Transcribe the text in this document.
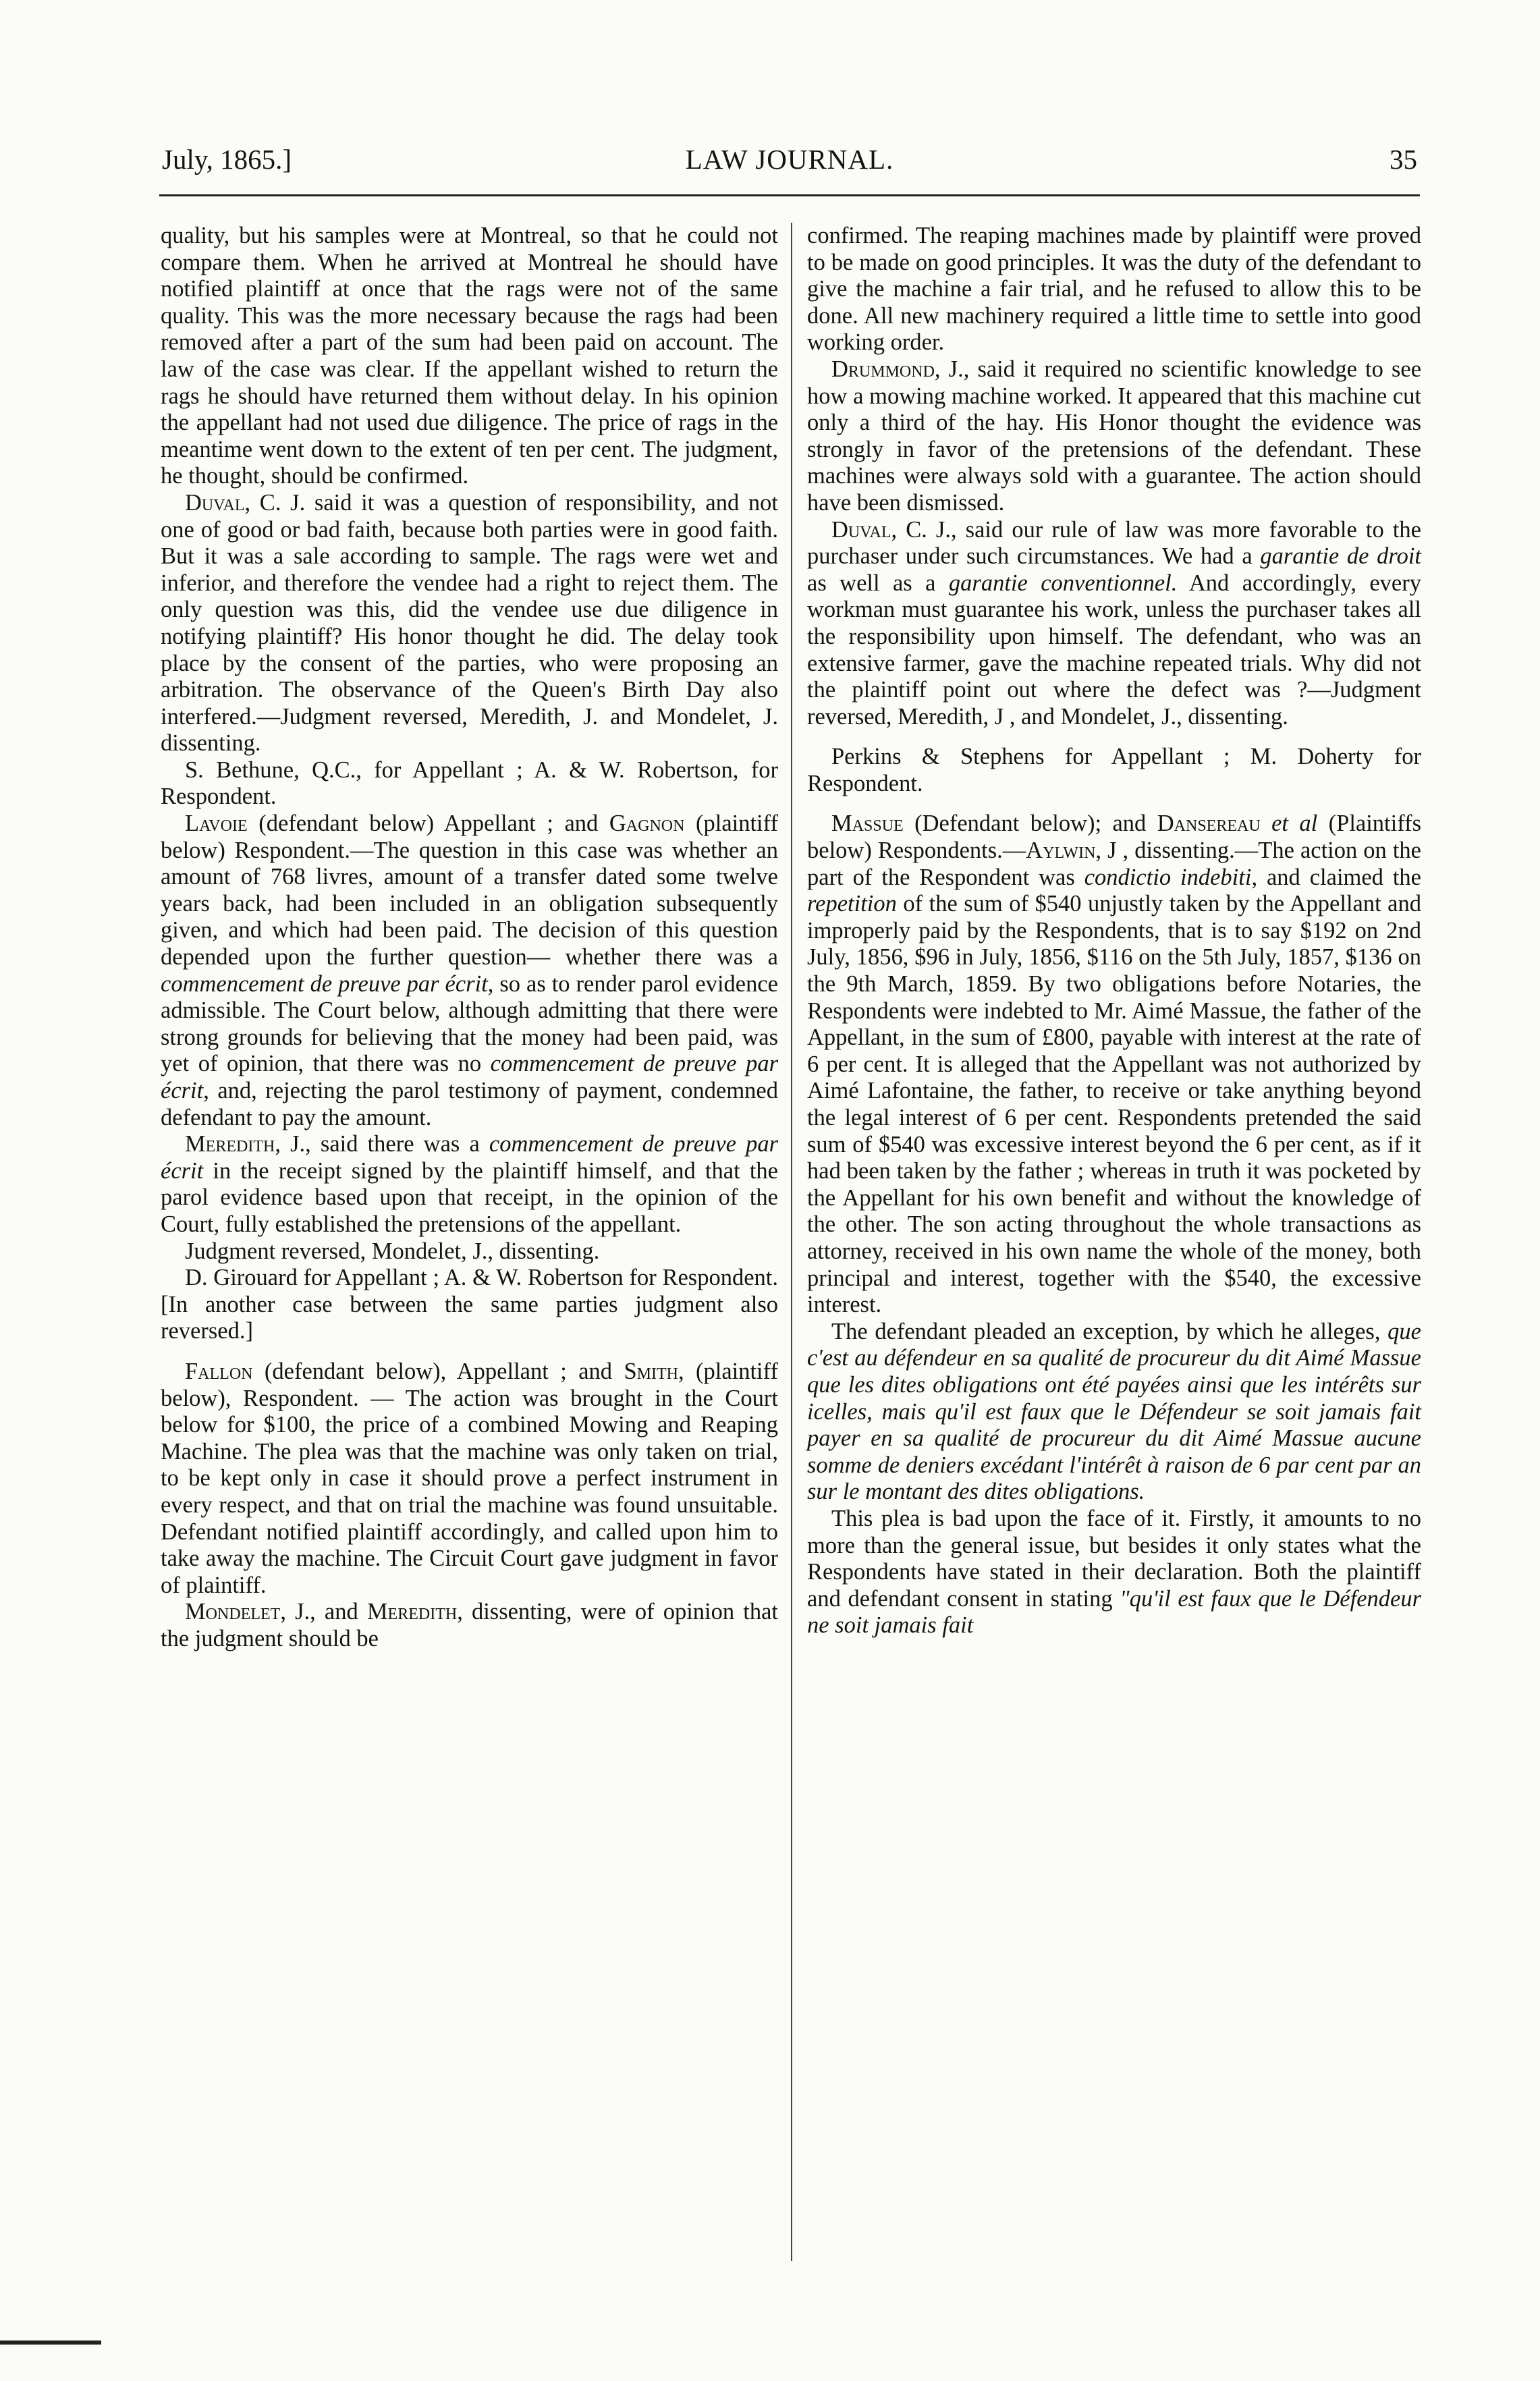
July, 1865.]	LAW JOURNAL.	35

quality, but his samples were at Montreal, so that he could not compare them. When he arrived at Montreal he should have notified plaintiff at once that the rags were not of the same quality. This was the more necessary because the rags had been removed after a part of the sum had been paid on account. The law of the case was clear. If the appellant wished to return the rags he should have returned them without delay. In his opinion the appellant had not used due diligence. The price of rags in the meantime went down to the extent of ten per cent. The judgment, he thought, should be confirmed.

Duval, C. J. said it was a question of responsibility, and not one of good or bad faith, because both parties were in good faith. But it was a sale according to sample. The rags were wet and inferior, and therefore the vendee had a right to reject them. The only question was this, did the vendee use due diligence in notifying plaintiff? His honor thought he did. The delay took place by the consent of the parties, who were proposing an arbitration. The observance of the Queen's Birth Day also interfered.—Judgment reversed, Meredith, J. and Mondelet, J. dissenting.

S. Bethune, Q.C., for Appellant ; A. & W. Robertson, for Respondent.

Lavoie (defendant below) Appellant ; and Gagnon (plaintiff below) Respondent.—The question in this case was whether an amount of 768 livres, amount of a transfer dated some twelve years back, had been included in an obligation subsequently given, and which had been paid. The decision of this question depended upon the further question— whether there was a commencement de preuve par écrit, so as to render parol evidence admissible. The Court below, although admitting that there were strong grounds for believing that the money had been paid, was yet of opinion, that there was no commencement de preuve par écrit, and, rejecting the parol testimony of payment, condemned defendant to pay the amount.

Meredith, J., said there was a commencement de preuve par écrit in the receipt signed by the plaintiff himself, and that the parol evidence based upon that receipt, in the opinion of the Court, fully established the pretensions of the appellant.

Judgment reversed, Mondelet, J., dissenting.

D. Girouard for Appellant ; A. & W. Robertson for Respondent. [In another case between the same parties judgment also reversed.]

Fallon (defendant below), Appellant ; and Smith, (plaintiff below), Respondent. — The action was brought in the Court below for $100, the price of a combined Mowing and Reaping Machine. The plea was that the machine was only taken on trial, to be kept only in case it should prove a perfect instrument in every respect, and that on trial the machine was found unsuitable. Defendant notified plaintiff accordingly, and called upon him to take away the machine. The Circuit Court gave judgment in favor of plaintiff.

Mondelet, J., and Meredith, dissenting, were of opinion that the judgment should be

confirmed. The reaping machines made by plaintiff were proved to be made on good principles. It was the duty of the defendant to give the machine a fair trial, and he refused to allow this to be done. All new machinery required a little time to settle into good working order.

Drummond, J., said it required no scientific knowledge to see how a mowing machine worked. It appeared that this machine cut only a third of the hay. His Honor thought the evidence was strongly in favor of the pretensions of the defendant. These machines were always sold with a guarantee. The action should have been dismissed.

Duval, C. J., said our rule of law was more favorable to the purchaser under such circumstances. We had a garantie de droit as well as a garantie conventionnel. And accordingly, every workman must guarantee his work, unless the purchaser takes all the responsibility upon himself. The defendant, who was an extensive farmer, gave the machine repeated trials. Why did not the plaintiff point out where the defect was ?—Judgment reversed, Meredith, J , and Mondelet, J., dissenting.

Perkins & Stephens for Appellant ; M. Doherty for Respondent.

Massue (Defendant below); and Dansereau et al (Plaintiffs below) Respondents.—Aylwin, J , dissenting.—The action on the part of the Respondent was condictio indebiti, and claimed the repetition of the sum of $540 unjustly taken by the Appellant and improperly paid by the Respondents, that is to say $192 on 2nd July, 1856, $96 in July, 1856, $116 on the 5th July, 1857, $136 on the 9th March, 1859. By two obligations before Notaries, the Respondents were indebted to Mr. Aimé Massue, the father of the Appellant, in the sum of £800, payable with interest at the rate of 6 per cent. It is alleged that the Appellant was not authorized by Aimé Lafontaine, the father, to receive or take anything beyond the legal interest of 6 per cent. Respondents pretended the said sum of $540 was excessive interest beyond the 6 per cent, as if it had been taken by the father ; whereas in truth it was pocketed by the Appellant for his own benefit and without the knowledge of the other. The son acting throughout the whole transactions as attorney, received in his own name the whole of the money, both principal and interest, together with the $540, the excessive interest.

The defendant pleaded an exception, by which he alleges, que c'est au défendeur en sa qualité de procureur du dit Aimé Massue que les dites obligations ont été payées ainsi que les intérêts sur icelles, mais qu'il est faux que le Défendeur se soit jamais fait payer en sa qualité de procureur du dit Aimé Massue aucune somme de deniers excédant l'intérêt à raison de 6 par cent par an sur le montant des dites obligations.

This plea is bad upon the face of it. Firstly, it amounts to no more than the general issue, but besides it only states what the Respondents have stated in their declaration. Both the plaintiff and defendant consent in stating "qu'il est faux que le Défendeur ne soit jamais fait
